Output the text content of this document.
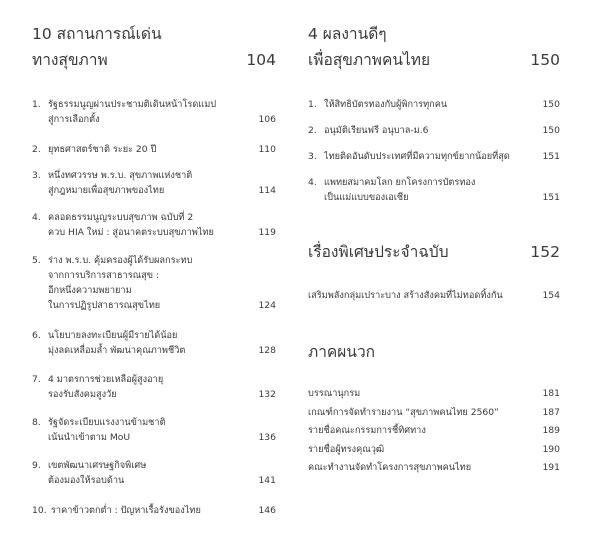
10 สถานการณ์เด่น
ทางสุขภาพ	104
1. รัฐธรรมนูญผ่านประชามติเดินหน้าโรดแมป
สู่การเลือกตั้ง	106
2. ยุทธศาสตร์ชาติ ระยะ 20 ปี	110
3. หนึ่งทศวรรษ พ.ร.บ. สุขภาพแห่งชาติ
สู่กฎหมายเพื่อสุขภาพของไทย	114
4. คลอดธรรมนูญระบบสุขภาพ ฉบับที่ 2
ควบ HIA ใหม่ : สู่อนาคตระบบสุขภาพไทย	119
5. ร่าง พ.ร.บ. คุ้มครองผู้ได้รับผลกระทบ
จากการบริการสาธารณสุข :
อีกหนึ่งความพยายาม
ในการปฏิรูปสาธารณสุขไทย	124
6. นโยบายลงทะเบียนผู้มีรายได้น้อย
มุ่งลดเหลื่อมล้ำ พัฒนาคุณภาพชีวิต	128
7. 4 มาตรการช่วยเหลือผู้สูงอายุ
รองรับสังคมสูงวัย	132
8. รัฐจัดระเบียบแรงงานข้ามชาติ
เน้นนำเข้าตาม MoU	136
9. เขตพัฒนาเศรษฐกิจพิเศษ
ต้องมองให้รอบด้าน	141
10. ราคาข้าวตกต่ำ : ปัญหาเรื้อรังของไทย	146
4 ผลงานดีๆ
เพื่อสุขภาพคนไทย	150
1. ให้สิทธิบัตรทองกับผู้พิการทุกคน	150
2. อนุมัติเรียนฟรี อนุบาล-ม.6	150
3. ไทยติดอันดับประเทศที่มีความทุกข์ยากน้อยที่สุด	151
4. แพทยสมาคมโลก ยกโครงการบัตรทอง
เป็นแม่แบบของเอเชีย	151
เรื่องพิเศษประจำฉบับ	152
เสริมพลังกลุ่มเปราะบาง สร้างสังคมที่ไม่ทอดทิ้งกัน	154
ภาคผนวก
บรรณานุกรม	181
เกณฑ์การจัดทำรายงาน “สุขภาพคนไทย 2560”	187
รายชื่อคณะกรรมการชี้ทิศทาง	189
รายชื่อผู้ทรงคุณวุฒิ	190
คณะทำงานจัดทำโครงการสุขภาพคนไทย	191
